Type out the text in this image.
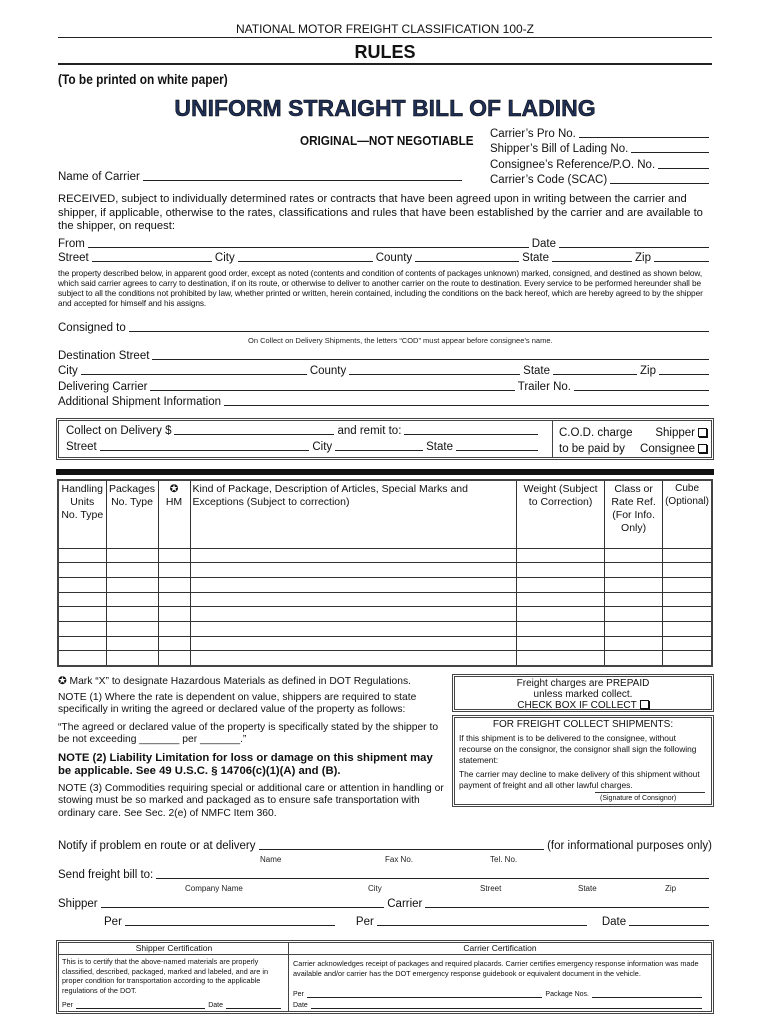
NATIONAL MOTOR FREIGHT CLASSIFICATION 100-Z
RULES
(To be printed on white paper)
UNIFORM STRAIGHT BILL OF LADING
ORIGINAL—NOT NEGOTIABLE Carrier’s Pro No.
Shipper’s Bill of Lading No.
Consignee’s Reference/P.O. No.
Carrier’s Code (SCAC)
Name of Carrier
RECEIVED, subject to individually determined rates or contracts that have been agreed upon in writing between the carrier and shipper, if applicable, otherwise to the rates, classifications and rules that have been established by the carrier and are available to the shipper, on request:
From	Date
Street	City	County	State	Zip
the property described below, in apparent good order, except as noted (contents and condition of contents of packages unknown) marked, consigned, and destined as shown below, which said carrier agrees to carry to destination, if on its route, or otherwise to deliver to another carrier on the route to destination. Every service to be performed hereunder shall be subject to all the conditions not prohibited by law, whether printed or written, herein contained, including the conditions on the back hereof, which are hereby agreed to by the shipper and accepted for himself and his assigns.
Consigned to
On Collect on Delivery Shipments, the letters “COD” must appear before consignee’s name.
Destination Street
City	County	State	Zip
Delivering Carrier	Trailer No.
Additional Shipment Information
Collect on Delivery $	and remit to:
Street	City	State
C.O.D. charge
to be paid by
Shipper
Consignee
Handling Units No. Type	Packages No. Type	✪ HM	Kind of Package, Description of Articles, Special Marks and Exceptions (Subject to correction)	Weight (Subject to Correction)	Class or Rate Ref. (For Info. Only)	Cube (Optional)

✪ Mark “X” to designate Hazardous Materials as defined in DOT Regulations.
NOTE (1) Where the rate is dependent on value, shippers are required to state specifically in writing the agreed or declared value of the property as follows:
“The agreed or declared value of the property is specifically stated by the shipper to be not exceeding _______ per _______.”
NOTE (2) Liability Limitation for loss or damage on this shipment may be applicable. See 49 U.S.C. § 14706(c)(1)(A) and (B).
NOTE (3) Commodities requiring special or additional care or attention in handling or stowing must be so marked and packaged as to ensure safe transportation with ordinary care. See Sec. 2(e) of NMFC Item 360.
Freight charges are PREPAID
unless marked collect.
CHECK BOX IF COLLECT
FOR FREIGHT COLLECT SHIPMENTS:
If this shipment is to be delivered to the consignee, without recourse on the consignor, the consignor shall sign the following statement:
The carrier may decline to make delivery of this shipment without payment of freight and all other lawful charges.
(Signature of Consignor)
Notify if problem en route or at delivery	(for informational purposes only)
Name	Fax No.	Tel. No.
Send freight bill to:
Company Name	City	Street	State	Zip
Shipper	Carrier
Per	Per	Date
Shipper Certification	Carrier Certification
This is to certify that the above-named materials are properly classified, described, packaged, marked and labeled, and are in proper condition for transportation according to the applicable regulations of the DOT.
Per	Date
Carrier acknowledges receipt of packages and required placards. Carrier certifies emergency response information was made available and/or carrier has the DOT emergency response guidebook or equivalent document in the vehicle.
Per	Package Nos.
Date
